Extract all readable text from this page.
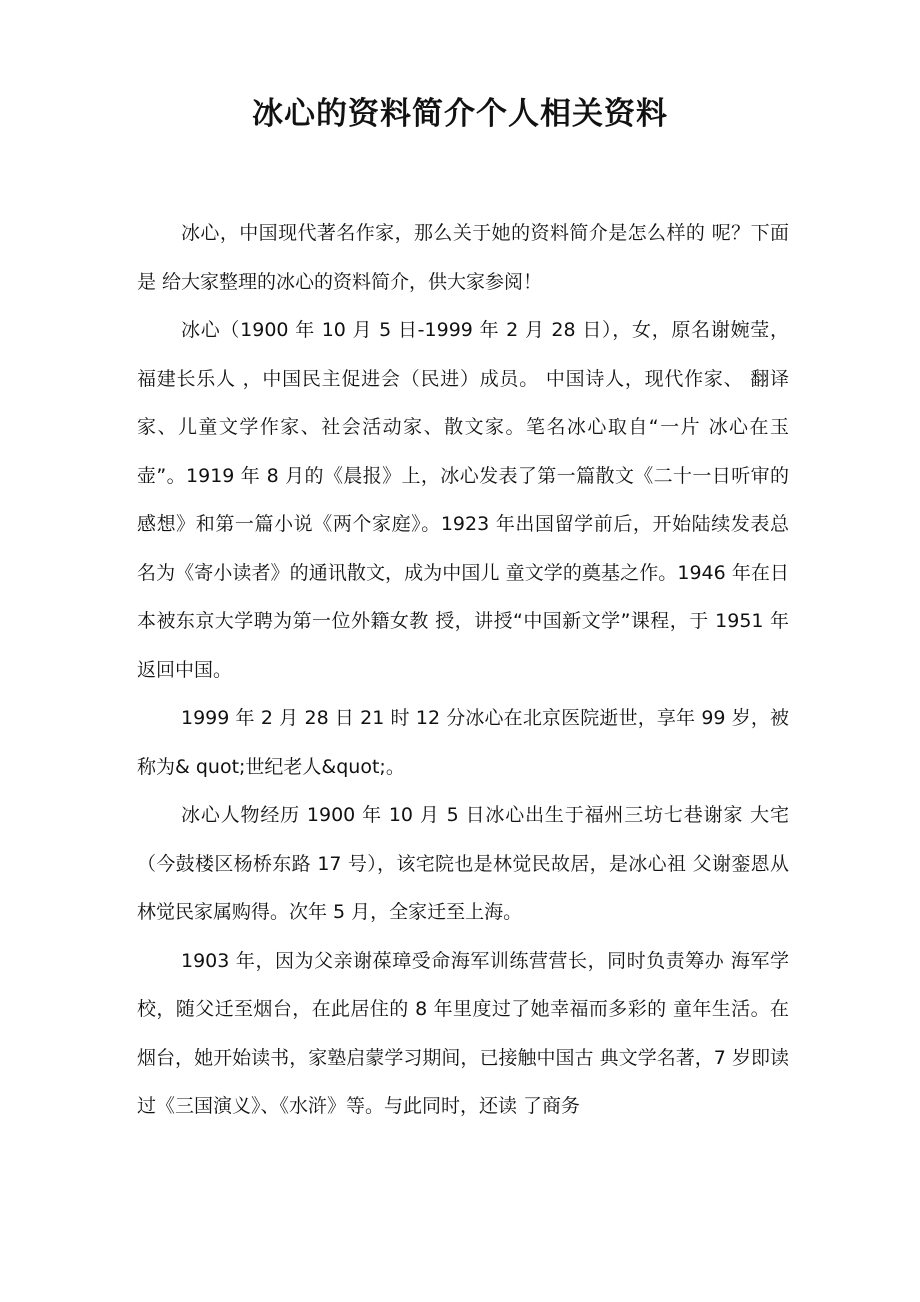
冰心的资料简介个人相关资料

冰心，中国现代著名作家，那么关于她的资料简介是怎么样的 呢？下面是 给大家整理的冰心的资料简介，供大家参阅！

冰心（1900 年 10 月 5 日-1999 年 2 月 28 日），女，原名谢婉莹， 福建长乐人 ，中国民主促进会（民进）成员。 中国诗人，现代作家、 翻译家、儿童文学作家、社会活动家、散文家。笔名冰心取自“一片 冰心在玉壶”。1919 年 8 月的《晨报》上，冰心发表了第一篇散文《二十一日听审的感想》和第一篇小说《两个家庭》。1923 年出国留学前后，开始陆续发表总名为《寄小读者》的通讯散文，成为中国儿 童文学的奠基之作。1946 年在日本被东京大学聘为第一位外籍女教 授，讲授“中国新文学”课程，于 1951 年返回中国。

1999 年 2 月 28 日 21 时 12 分冰心在北京医院逝世，享年 99 岁，被称为& quot;世纪老人&quot;。

冰心人物经历 1900 年 10 月 5 日冰心出生于福州三坊七巷谢家 大宅（今鼓楼区杨桥东路 17 号），该宅院也是林觉民故居，是冰心祖 父谢銮恩从林觉民家属购得。次年 5 月，全家迁至上海。

1903 年，因为父亲谢葆璋受命海军训练营营长，同时负责筹办 海军学校，随父迁至烟台，在此居住的 8 年里度过了她幸福而多彩的 童年生活。在烟台，她开始读书，家塾启蒙学习期间，已接触中国古 典文学名著，7 岁即读过《三国演义》、《水浒》等。与此同时，还读 了商务
